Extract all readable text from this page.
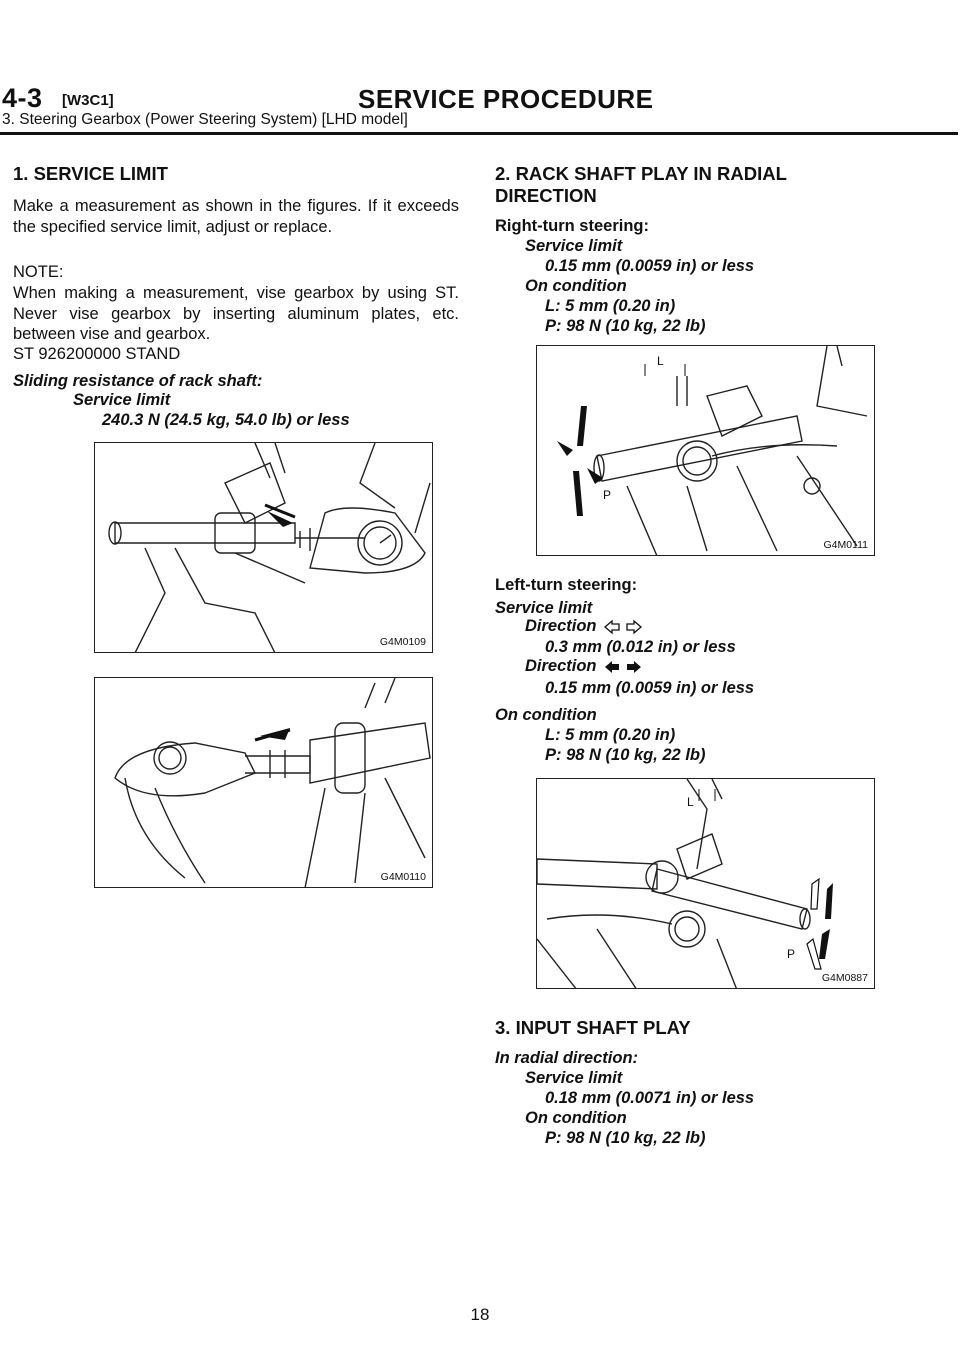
4-3 [W3C1]	SERVICE PROCEDURE
3. Steering Gearbox (Power Steering System) [LHD model]
1. SERVICE LIMIT

Make a measurement as shown in the figures. If it exceeds the specified service limit, adjust or replace.

NOTE:

When making a measurement, vise gearbox by using ST. Never vise gearbox by inserting aluminum plates, etc. between vise and gearbox.

ST 926200000 STAND

Sliding resistance of rack shaft:

Service limit

240.3 N (24.5 kg, 54.0 lb) or less

G4M0109
G4M0110
2. RACK SHAFT PLAY IN RADIAL
DIRECTION

Right-turn steering:

Service limit

0.15 mm (0.0059 in) or less

On condition

L: 5 mm (0.20 in)

P: 98 N (10 kg, 22 lb)

L
P
G4M0111

Left-turn steering:

Service limit

Direction

0.3 mm (0.012 in) or less

Direction

0.15 mm (0.0059 in) or less

On condition

L: 5 mm (0.20 in)

P: 98 N (10 kg, 22 lb)

L
P
G4M0887
3. INPUT SHAFT PLAY

In radial direction:

Service limit

0.18 mm (0.0071 in) or less

On condition

P: 98 N (10 kg, 22 lb)

18
